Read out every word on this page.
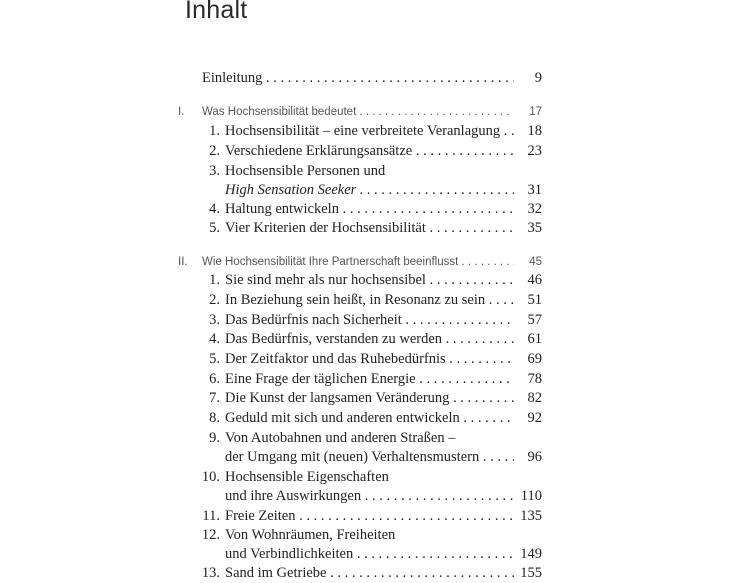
Inhalt
Einleitung . . .	9
I.	Was Hochsensibilität bedeutet . . .	17
1. Hochsensibilität – eine verbreitete Veranlagung . . .	18
2. Verschiedene Erklärungsansätze . . .	23
3. Hochsensible Personen und
High Sensation Seeker . . .	31
4. Haltung entwickeln . . .	32
5. Vier Kriterien der Hochsensibilität . . .	35
II.	Wie Hochsensibilität Ihre Partnerschaft beeinflusst . . .	45
1. Sie sind mehr als nur hochsensibel . . .	46
2. In Beziehung sein heißt, in Resonanz zu sein . . .	51
3. Das Bedürfnis nach Sicherheit . . .	57
4. Das Bedürfnis, verstanden zu werden . . .	61
5. Der Zeitfaktor und das Ruhebedürfnis . . .	69
6. Eine Frage der täglichen Energie . . .	78
7. Die Kunst der langsamen Veränderung . . .	82
8. Geduld mit sich und anderen entwickeln . . .	92
9. Von Autobahnen und anderen Straßen –
der Umgang mit (neuen) Verhaltensmustern . . .	96
10. Hochsensible Eigenschaften
und ihre Auswirkungen . . .	110
11. Freie Zeiten . . .	135
12. Von Wohnräumen, Freiheiten
und Verbindlichkeiten . . .	149
13. Sand im Getriebe . . .	155
